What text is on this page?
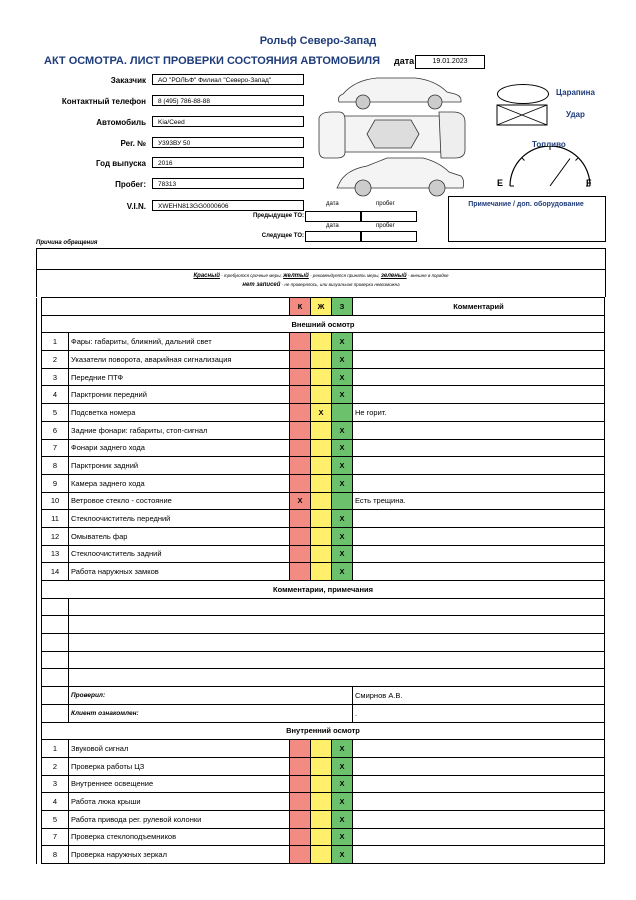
Рольф Северо-Запад
АКТ ОСМОТРА. ЛИСТ ПРОВЕРКИ СОСТОЯНИЯ АВТОМОБИЛЯ дата	19.01.2023
Заказчик	АО "РОЛЬФ" Филиал "Северо-Запад"
Контактный телефон	8 (495) 786-88-88
Автомобиль	Kia/Ceed
Рег. №	У393ВУ 50
Год выпуска	2016
Пробег:	78313
V.I.N.	XWEHN813GG0000606	дата	пробег
Предыдущее ТО:
дата	пробег
Следущее ТО:
Царапина
Удар
Топливо
E	F
Примечание / доп. оборудование
Причина обращения
Красный - требуются срочные меры, желтый - рекомендуется принять меры, зеленый - внешне в порядке
нет записей - не проверялось, или визуальная проверка невозможна
			К	Ж	З	Комментарий
	Внешний осмотр					
	1	Фары: габариты, ближний, дальний свет			X	
	2	Указатели поворота, аварийная сигнализация			X	
	3	Передние ПТФ			X	
	4	Парктроник передний			X	
	5	Подсветка номера		X		Не горит.
	6	Задние фонари: габариты, стоп-сигнал			X	
	7	Фонари заднего хода			X	
	8	Парктроник задний			X	
	9	Камера заднего хода			X	
	10	Ветровое стекло - состояние	X			Есть трещина.
	11	Стеклоочиститель передний			X	
	12	Омыватель фар			X	
	13	Стеклоочиститель задний			X	
	14	Работа наружных замков			X	
	Комментарии, примечания					

		Проверил:				Смирнов А.В.
		Клиент ознакомлен:				.
	Внутренний осмотр					
	1	Звуковой сигнал			X	
	2	Проверка работы ЦЗ			X	
	3	Внутреннее освещение			X	
	4	Работа люка крыши			X	
	5	Работа привода рег. рулевой колонки			X	
	7	Проверка стеклоподъемников			X	
	8	Проверка наружных зеркал			X	
